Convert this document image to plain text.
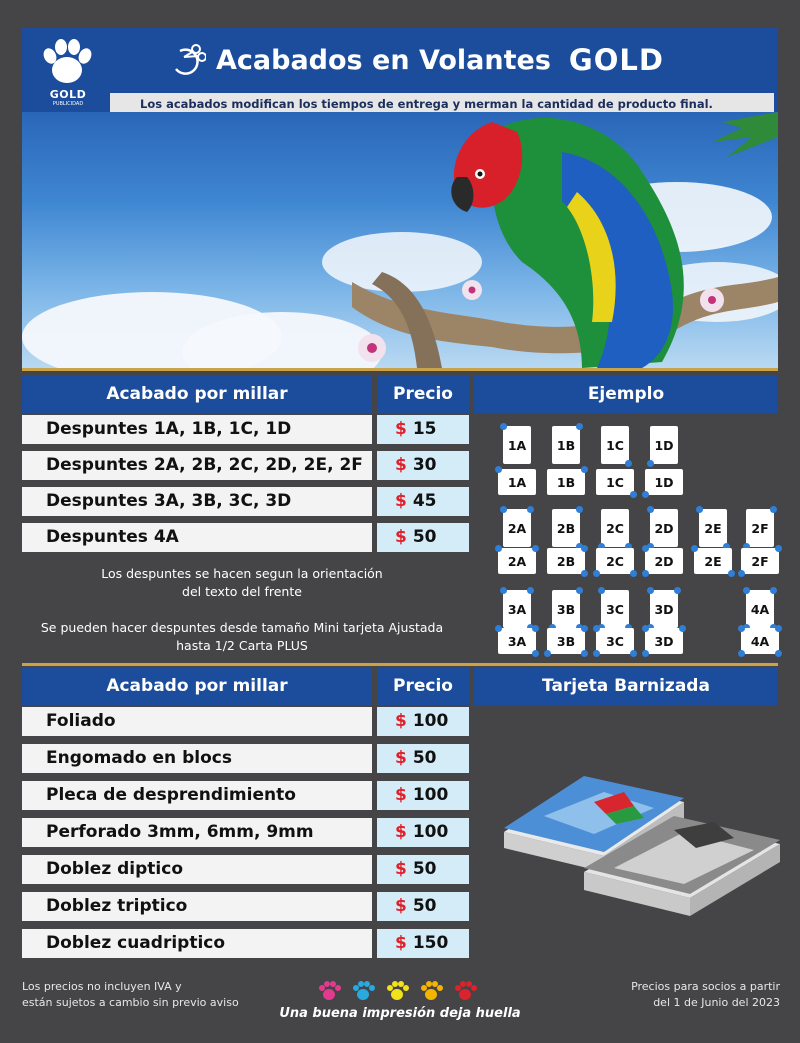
GOLD
PUBLICIDAD
Acabados en Volantes GOLD
Los acabados modifican los tiempos de entrega y merman la cantidad de producto final.
Acabado por millar	Precio	Ejemplo
Despuntes 1A, 1B, 1C, 1D	$ 15
Despuntes 2A, 2B, 2C, 2D, 2E, 2F	$ 30
Despuntes 3A, 3B, 3C, 3D	$ 45
Despuntes 4A	$ 50
Los despuntes se hacen segun la orientación
del texto del frente
Se pueden hacer despuntes desde tamaño Mini tarjeta Ajustada
hasta 1/2 Carta PLUS
1A
1A
1B
1B
1C
1C
1D
1D
2A
2A
2B
2B
2C
2C
2D
2D
2E
2E
2F
2F
3A
3A
3B
3B
3C
3C
3D
3D
4A
4A
Acabado por millar	Precio	Tarjeta Barnizada
Foliado	$ 100
Engomado en blocs	$ 50
Pleca de desprendimiento	$ 100
Perforado 3mm, 6mm, 9mm	$ 100
Doblez diptico	$ 50
Doblez triptico	$ 50
Doblez cuadriptico	$ 150
Los precios no incluyen IVA y
están sujetos a cambio sin previo aviso
Precios para socios a partir
del 1 de Junio del 2023
Una buena impresión deja huella
